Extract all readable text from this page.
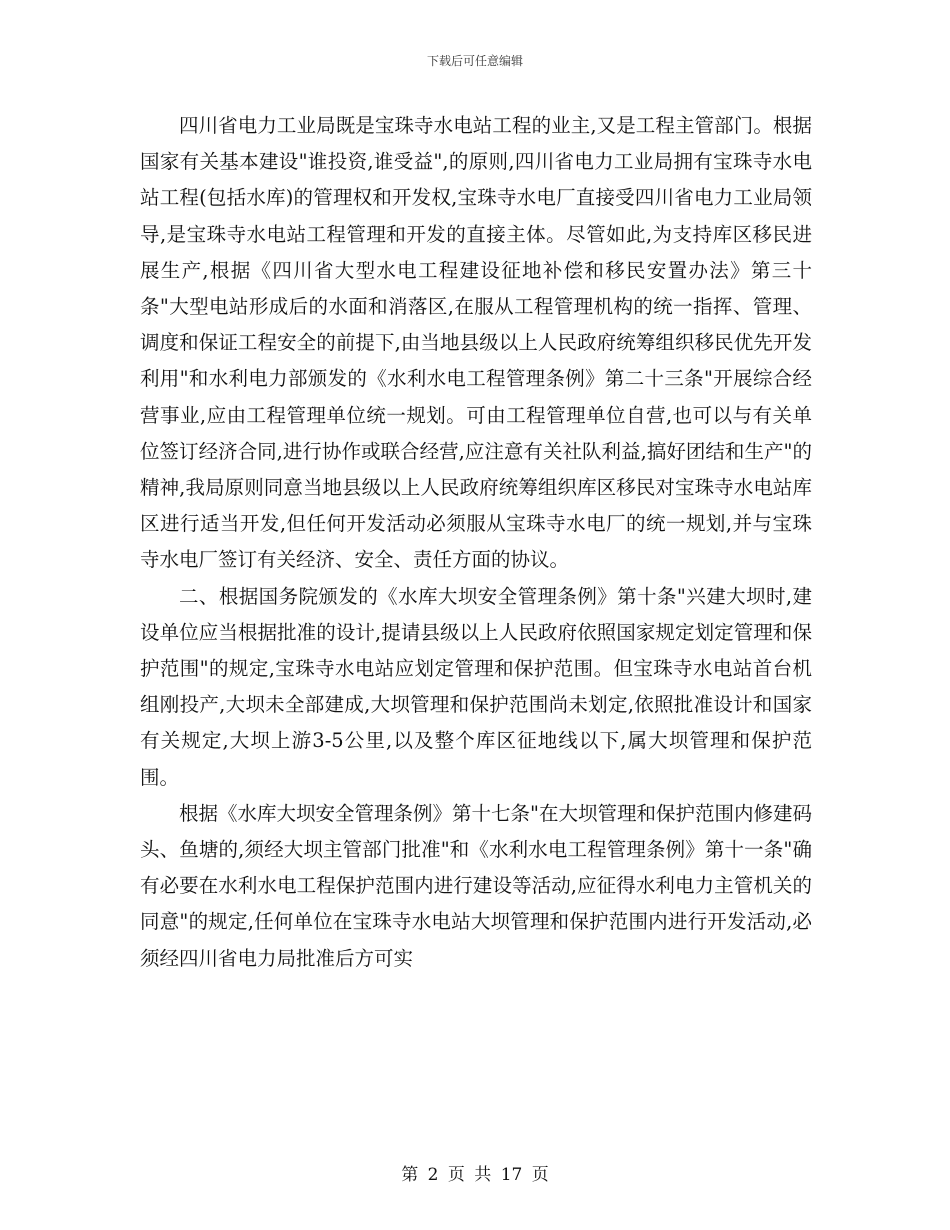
下载后可任意编辑

四川省电力工业局既是宝珠寺水电站工程的业主,又是工程主管部门。根据国家有关基本建设"谁投资,谁受益",的原则,四川省电力工业局拥有宝珠寺水电站工程(包括水库)的管理权和开发权,宝珠寺水电厂直接受四川省电力工业局领导,是宝珠寺水电站工程管理和开发的直接主体。尽管如此,为支持库区移民进展生产,根据《四川省大型水电工程建设征地补偿和移民安置办法》第三十条"大型电站形成后的水面和消落区,在服从工程管理机构的统一指挥、管理、调度和保证工程安全的前提下,由当地县级以上人民政府统筹组织移民优先开发利用"和水利电力部颁发的《水利水电工程管理条例》第二十三条"开展综合经营事业,应由工程管理单位统一规划。可由工程管理单位自营,也可以与有关单位签订经济合同,进行协作或联合经营,应注意有关社队利益,搞好团结和生产"的精神,我局原则同意当地县级以上人民政府统筹组织库区移民对宝珠寺水电站库区进行适当开发,但任何开发活动必须服从宝珠寺水电厂的统一规划,并与宝珠寺水电厂签订有关经济、安全、责任方面的协议。

二、根据国务院颁发的《水库大坝安全管理条例》第十条"兴建大坝时,建设单位应当根据批准的设计,提请县级以上人民政府依照国家规定划定管理和保护范围"的规定,宝珠寺水电站应划定管理和保护范围。但宝珠寺水电站首台机组刚投产,大坝未全部建成,大坝管理和保护范围尚未划定,依照批准设计和国家有关规定,大坝上游3-5公里,以及整个库区征地线以下,属大坝管理和保护范围。

根据《水库大坝安全管理条例》第十七条"在大坝管理和保护范围内修建码头、鱼塘的,须经大坝主管部门批准"和《水利水电工程管理条例》第十一条"确有必要在水利水电工程保护范围内进行建设等活动,应征得水利电力主管机关的同意"的规定,任何单位在宝珠寺水电站大坝管理和保护范围内进行开发活动,必须经四川省电力局批准后方可实

第 2 页 共 17 页
